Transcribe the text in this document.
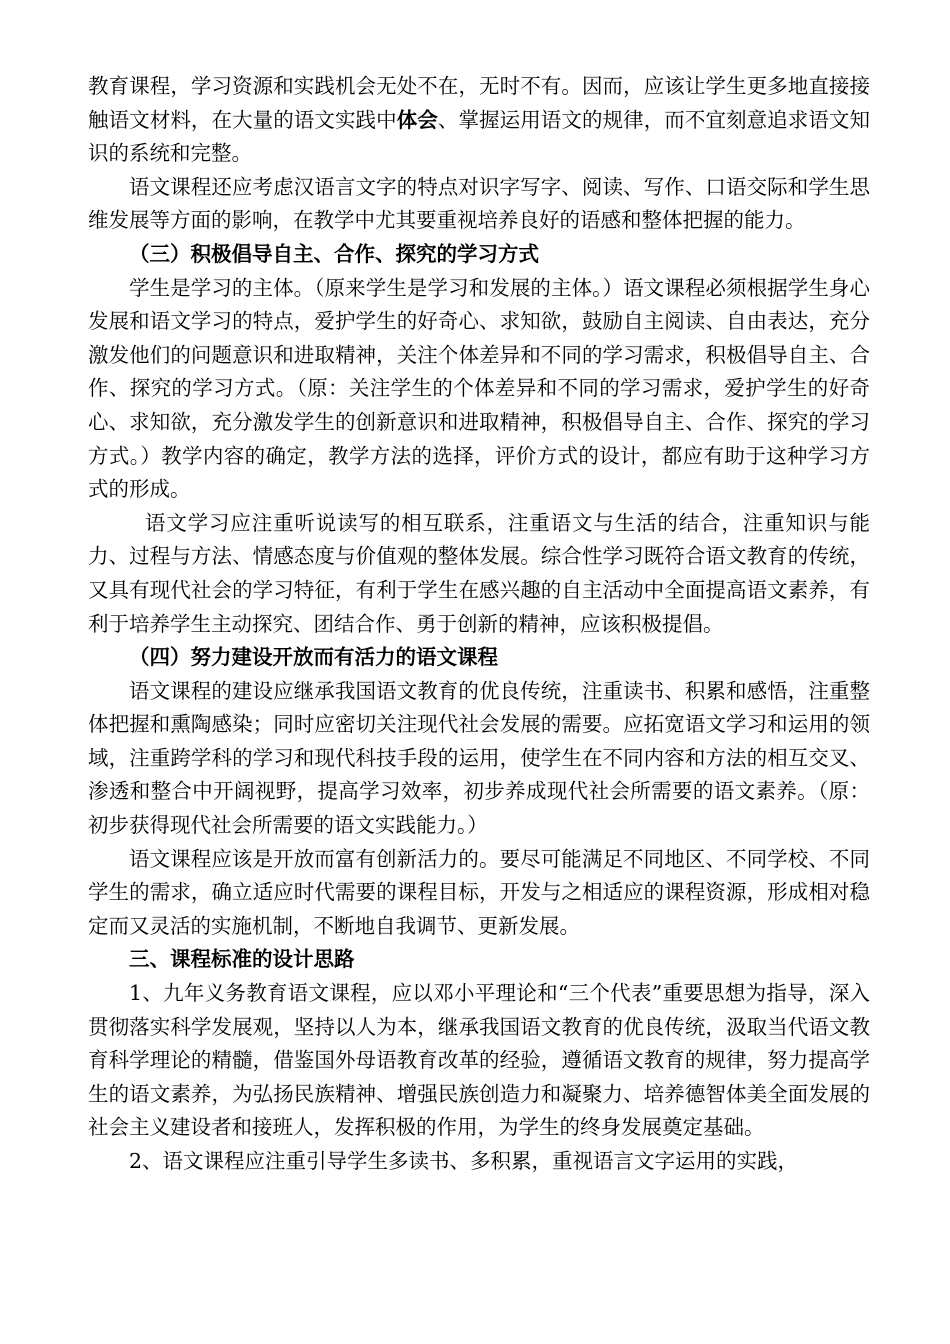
教育课程，学习资源和实践机会无处不在，无时不有。因而，应该让学生更多地直接接触语文材料，在大量的语文实践中体会、掌握运用语文的规律，而不宜刻意追求语文知识的系统和完整。

语文课程还应考虑汉语言文字的特点对识字写字、阅读、写作、口语交际和学生思维发展等方面的影响，在教学中尤其要重视培养良好的语感和整体把握的能力。

（三）积极倡导自主、合作、探究的学习方式

学生是学习的主体。（原来学生是学习和发展的主体。）语文课程必须根据学生身心发展和语文学习的特点，爱护学生的好奇心、求知欲，鼓励自主阅读、自由表达，充分激发他们的问题意识和进取精神，关注个体差异和不同的学习需求，积极倡导自主、合作、探究的学习方式。（原：关注学生的个体差异和不同的学习需求，爱护学生的好奇心、求知欲，充分激发学生的创新意识和进取精神，积极倡导自主、合作、探究的学习方式。）教学内容的确定，教学方法的选择，评价方式的设计，都应有助于这种学习方式的形成。

语文学习应注重听说读写的相互联系，注重语文与生活的结合，注重知识与能力、过程与方法、情感态度与价值观的整体发展。综合性学习既符合语文教育的传统，又具有现代社会的学习特征，有利于学生在感兴趣的自主活动中全面提高语文素养，有利于培养学生主动探究、团结合作、勇于创新的精神，应该积极提倡。

（四）努力建设开放而有活力的语文课程

语文课程的建设应继承我国语文教育的优良传统，注重读书、积累和感悟，注重整体把握和熏陶感染；同时应密切关注现代社会发展的需要。应拓宽语文学习和运用的领域，注重跨学科的学习和现代科技手段的运用，使学生在不同内容和方法的相互交叉、渗透和整合中开阔视野，提高学习效率，初步养成现代社会所需要的语文素养。（原：初步获得现代社会所需要的语文实践能力。）

语文课程应该是开放而富有创新活力的。要尽可能满足不同地区、不同学校、不同学生的需求，确立适应时代需要的课程目标，开发与之相适应的课程资源，形成相对稳定而又灵活的实施机制，不断地自我调节、更新发展。

三、课程标准的设计思路

1、九年义务教育语文课程，应以邓小平理论和“三个代表”重要思想为指导，深入贯彻落实科学发展观，坚持以人为本，继承我国语文教育的优良传统，汲取当代语文教育科学理论的精髓，借鉴国外母语教育改革的经验，遵循语文教育的规律，努力提高学生的语文素养，为弘扬民族精神、增强民族创造力和凝聚力、培养德智体美全面发展的社会主义建设者和接班人，发挥积极的作用，为学生的终身发展奠定基础。

2、语文课程应注重引导学生多读书、多积累，重视语言文字运用的实践，
